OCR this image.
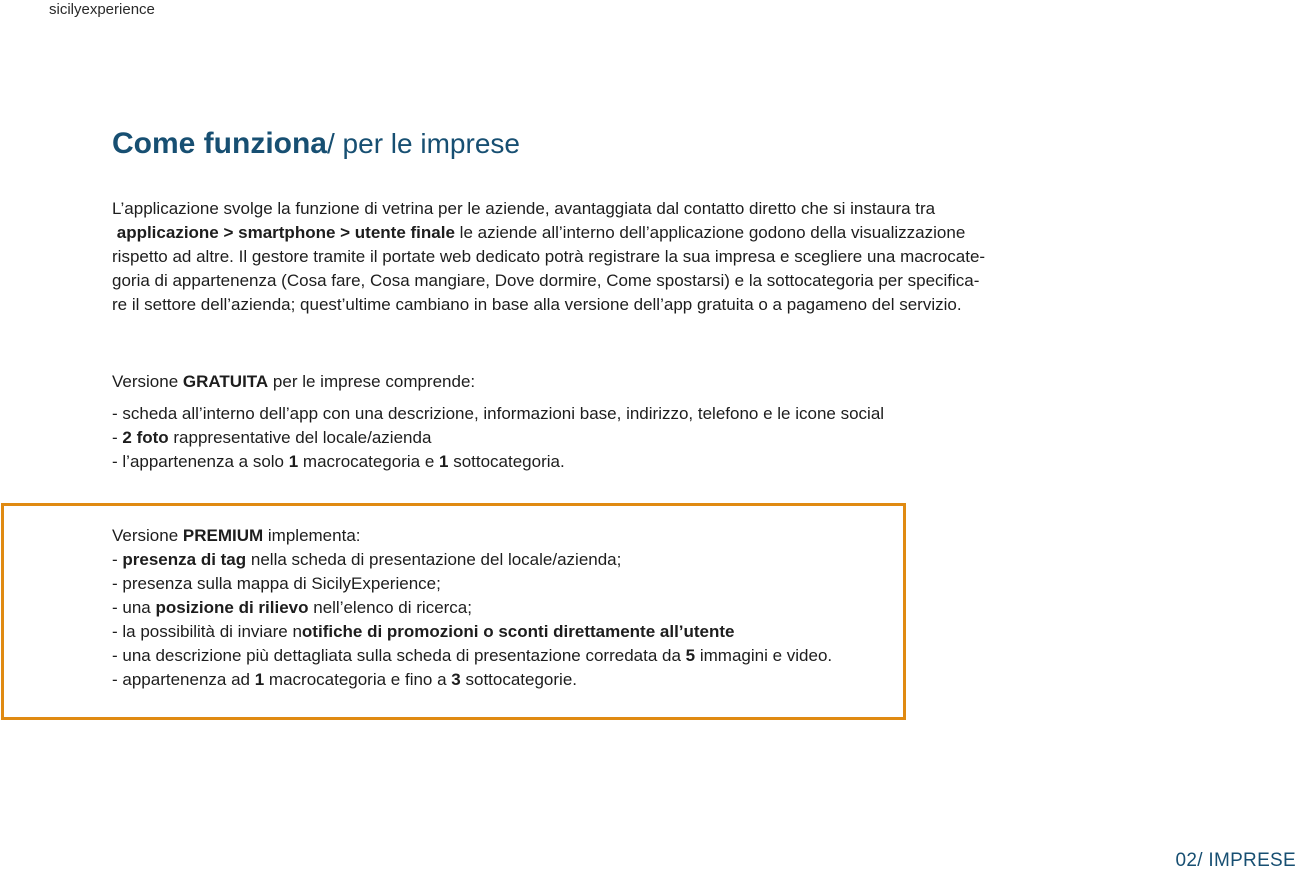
sicilyexperience
Come funziona/ per le imprese

L’applicazione svolge la funzione di vetrina per le aziende, avantaggiata dal contatto diretto che si instaura tra
applicazione > smartphone > utente finale le aziende all’interno dell’applicazione godono della visualizzazione
rispetto ad altre. Il gestore tramite il portate web dedicato potrà registrare la sua impresa e scegliere una macrocate-
goria di appartenenza (Cosa fare, Cosa mangiare, Dove dormire, Come spostarsi) e la sottocategoria per specifica-
re il settore dell’azienda; quest’ultime cambiano in base alla versione dell’app gratuita o a pagameno del servizio.

Versione GRATUITA per le imprese comprende:
- scheda all’interno dell’app con una descrizione, informazioni base, indirizzo, telefono e le icone social
- 2 foto rappresentative del locale/azienda
- l’appartenenza a solo 1 macrocategoria e 1 sottocategoria.
Versione PREMIUM implementa:
- presenza di tag nella scheda di presentazione del locale/azienda;
- presenza sulla mappa di SicilyExperience;
- una posizione di rilievo nell’elenco di ricerca;
- la possibilità di inviare notifiche di promozioni o sconti direttamente all’utente
- una descrizione più dettagliata sulla scheda di presentazione corredata da 5 immagini e video.
- appartenenza ad 1 macrocategoria e fino a 3 sottocategorie.
02/ IMPRESE
